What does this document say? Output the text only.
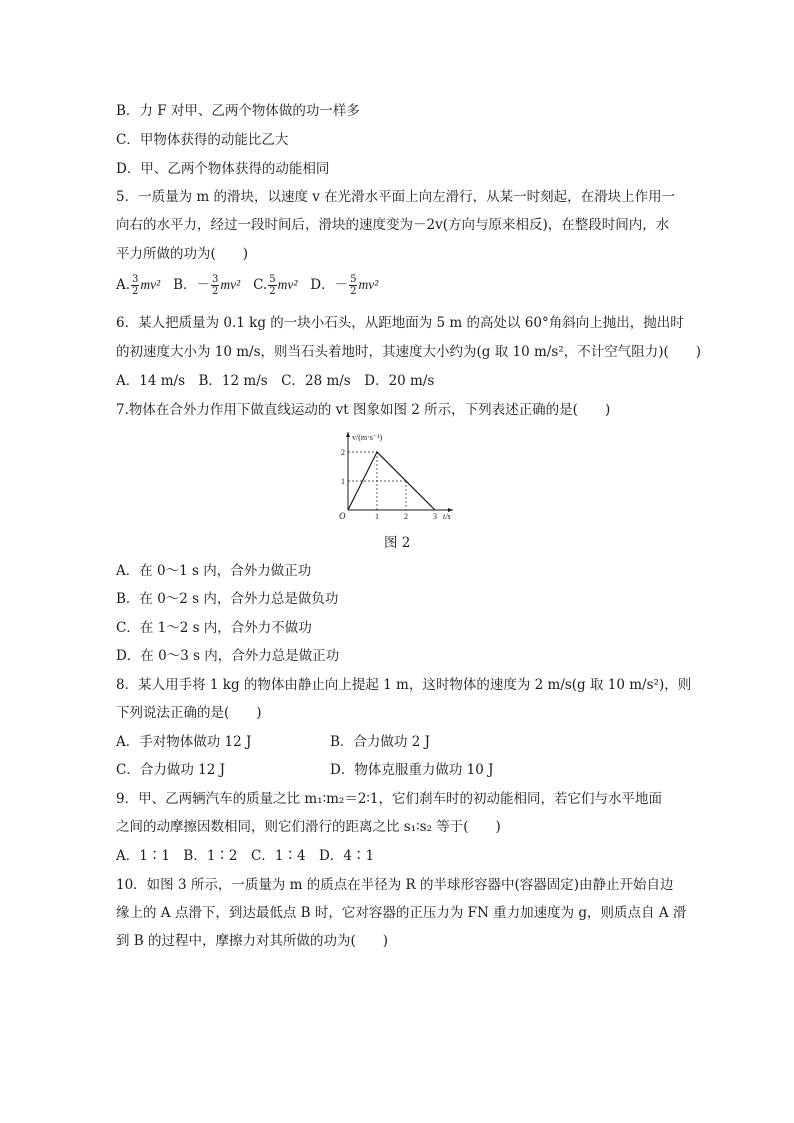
B．力 F 对甲、乙两个物体做的功一样多
C．甲物体获得的动能比乙大
D．甲、乙两个物体获得的动能相同
5．一质量为 m 的滑块，以速度 v 在光滑水平面上向左滑行，从某一时刻起，在滑块上作用一
向右的水平力，经过一段时间后，滑块的速度变为－2v(方向与原来相反)，在整段时间内，水
平力所做的功为(　　)
A. $\frac{3}{2} mv^2$ B．－ $\frac{3}{2} mv^2$ C. $\frac{5}{2} mv^2$ D．－ $\frac{5}{2} mv^2$
6．某人把质量为 0.1 kg 的一块小石头，从距地面为 5 m 的高处以 60°角斜向上抛出，抛出时
的初速度大小为 10 m/s，则当石头着地时，其速度大小约为(g 取 10 m/s²，不计空气阻力)(　　)
A．14 m/s　B．12 m/s　C．28 m/s　D．20 m/s
7.物体在合外力作用下做直线运动的 vt 图象如图 2 所示，下列表述正确的是(　　)
v/(m·s⁻¹)
t/s
O	1	2	3
1
2
图 2
A．在 0～1 s 内，合外力做正功
B．在 0～2 s 内，合外力总是做负功
C．在 1～2 s 内，合外力不做功
D．在 0～3 s 内，合外力总是做正功
8．某人用手将 1 kg 的物体由静止向上提起 1 m，这时物体的速度为 2 m/s(g 取 10 m/s²)，则
下列说法正确的是(　　)
A．手对物体做功 12 J	B．合力做功 2 J
C．合力做功 12 J	D．物体克服重力做功 10 J
9．甲、乙两辆汽车的质量之比 m₁∶m₂＝2∶1，它们刹车时的初动能相同，若它们与水平地面
之间的动摩擦因数相同，则它们滑行的距离之比 s₁∶s₂ 等于(　　)
A．1∶1　B．1∶2　C．1∶4　D．4∶1
10．如图 3 所示，一质量为 m 的质点在半径为 R 的半球形容器中(容器固定)由静止开始自边
缘上的 A 点滑下，到达最低点 B 时，它对容器的正压力为 FN 重力加速度为 g，则质点自 A 滑
到 B 的过程中，摩擦力对其所做的功为(　　)
